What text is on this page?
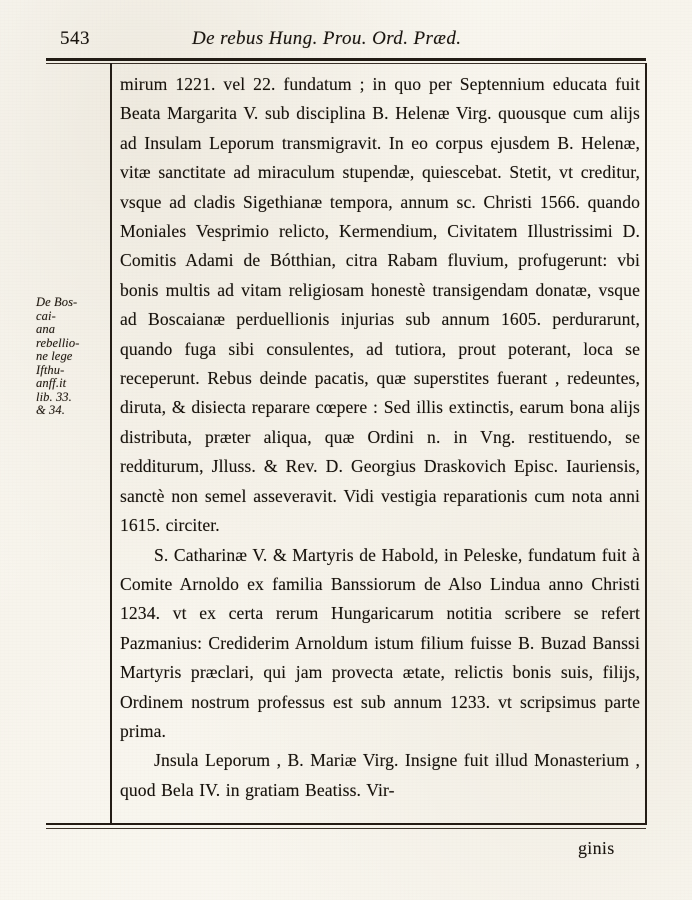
543	De rebus Hung. Prou. Ord. Præd.
De Bos-
cai-
ana
rebellio-
ne lege
Ifthu-
anff.it
lib. 33.
& 34.

mirum 1221. vel 22. fundatum ; in quo per Septennium educata fuit Beata Margarita V. sub disciplina B. Helenæ Virg. quousque cum alijs ad Insulam Leporum transmigravit. In eo corpus ejusdem B. Helenæ, vitæ sanctitate ad miraculum stupendæ, quiescebat. Stetit, vt creditur, vsque ad cladis Sigethianæ tempora, annum sc. Christi 1566. quando Moniales Vesprimio relicto, Kermendium, Civitatem Illustrissimi D. Comitis Adami de Bótthian, citra Rabam fluvium, profugerunt: vbi bonis multis ad vitam religiosam honestè transigendam donatæ, vsque ad Boscaianæ perduellionis injurias sub annum 1605. perdurarunt, quando fuga sibi consulentes, ad tutiora, prout poterant, loca se receperunt. Rebus deinde pacatis, quæ superstites fuerant , redeuntes, diruta, & disiecta reparare cœpere : Sed illis extinctis, earum bona alijs distributa, præter aliqua, quæ Ordini n. in Vng. restituendo, se redditurum, Jlluss. & Rev. D. Georgius Draskovich Episc. Iauriensis, sanctè non semel asseveravit. Vidi vestigia reparationis cum nota anni 1615. circiter.

S. Catharinæ V. & Martyris de Habold, in Peleske, fundatum fuit à Comite Arnoldo ex familia Banssiorum de Also Lindua anno Christi 1234. vt ex certa rerum Hungaricarum notitia scribere se refert Pazmanius: Crediderim Arnoldum istum filium fuisse B. Buzad Banssi Martyris præclari, qui jam provecta ætate, relictis bonis suis, filijs, Ordinem nostrum professus est sub annum 1233. vt scripsimus parte prima.

Jnsula Leporum , B. Mariæ Virg. Insigne fuit illud Monasterium , quod Bela IV. in gratiam Beatiss. Vir-

ginis
